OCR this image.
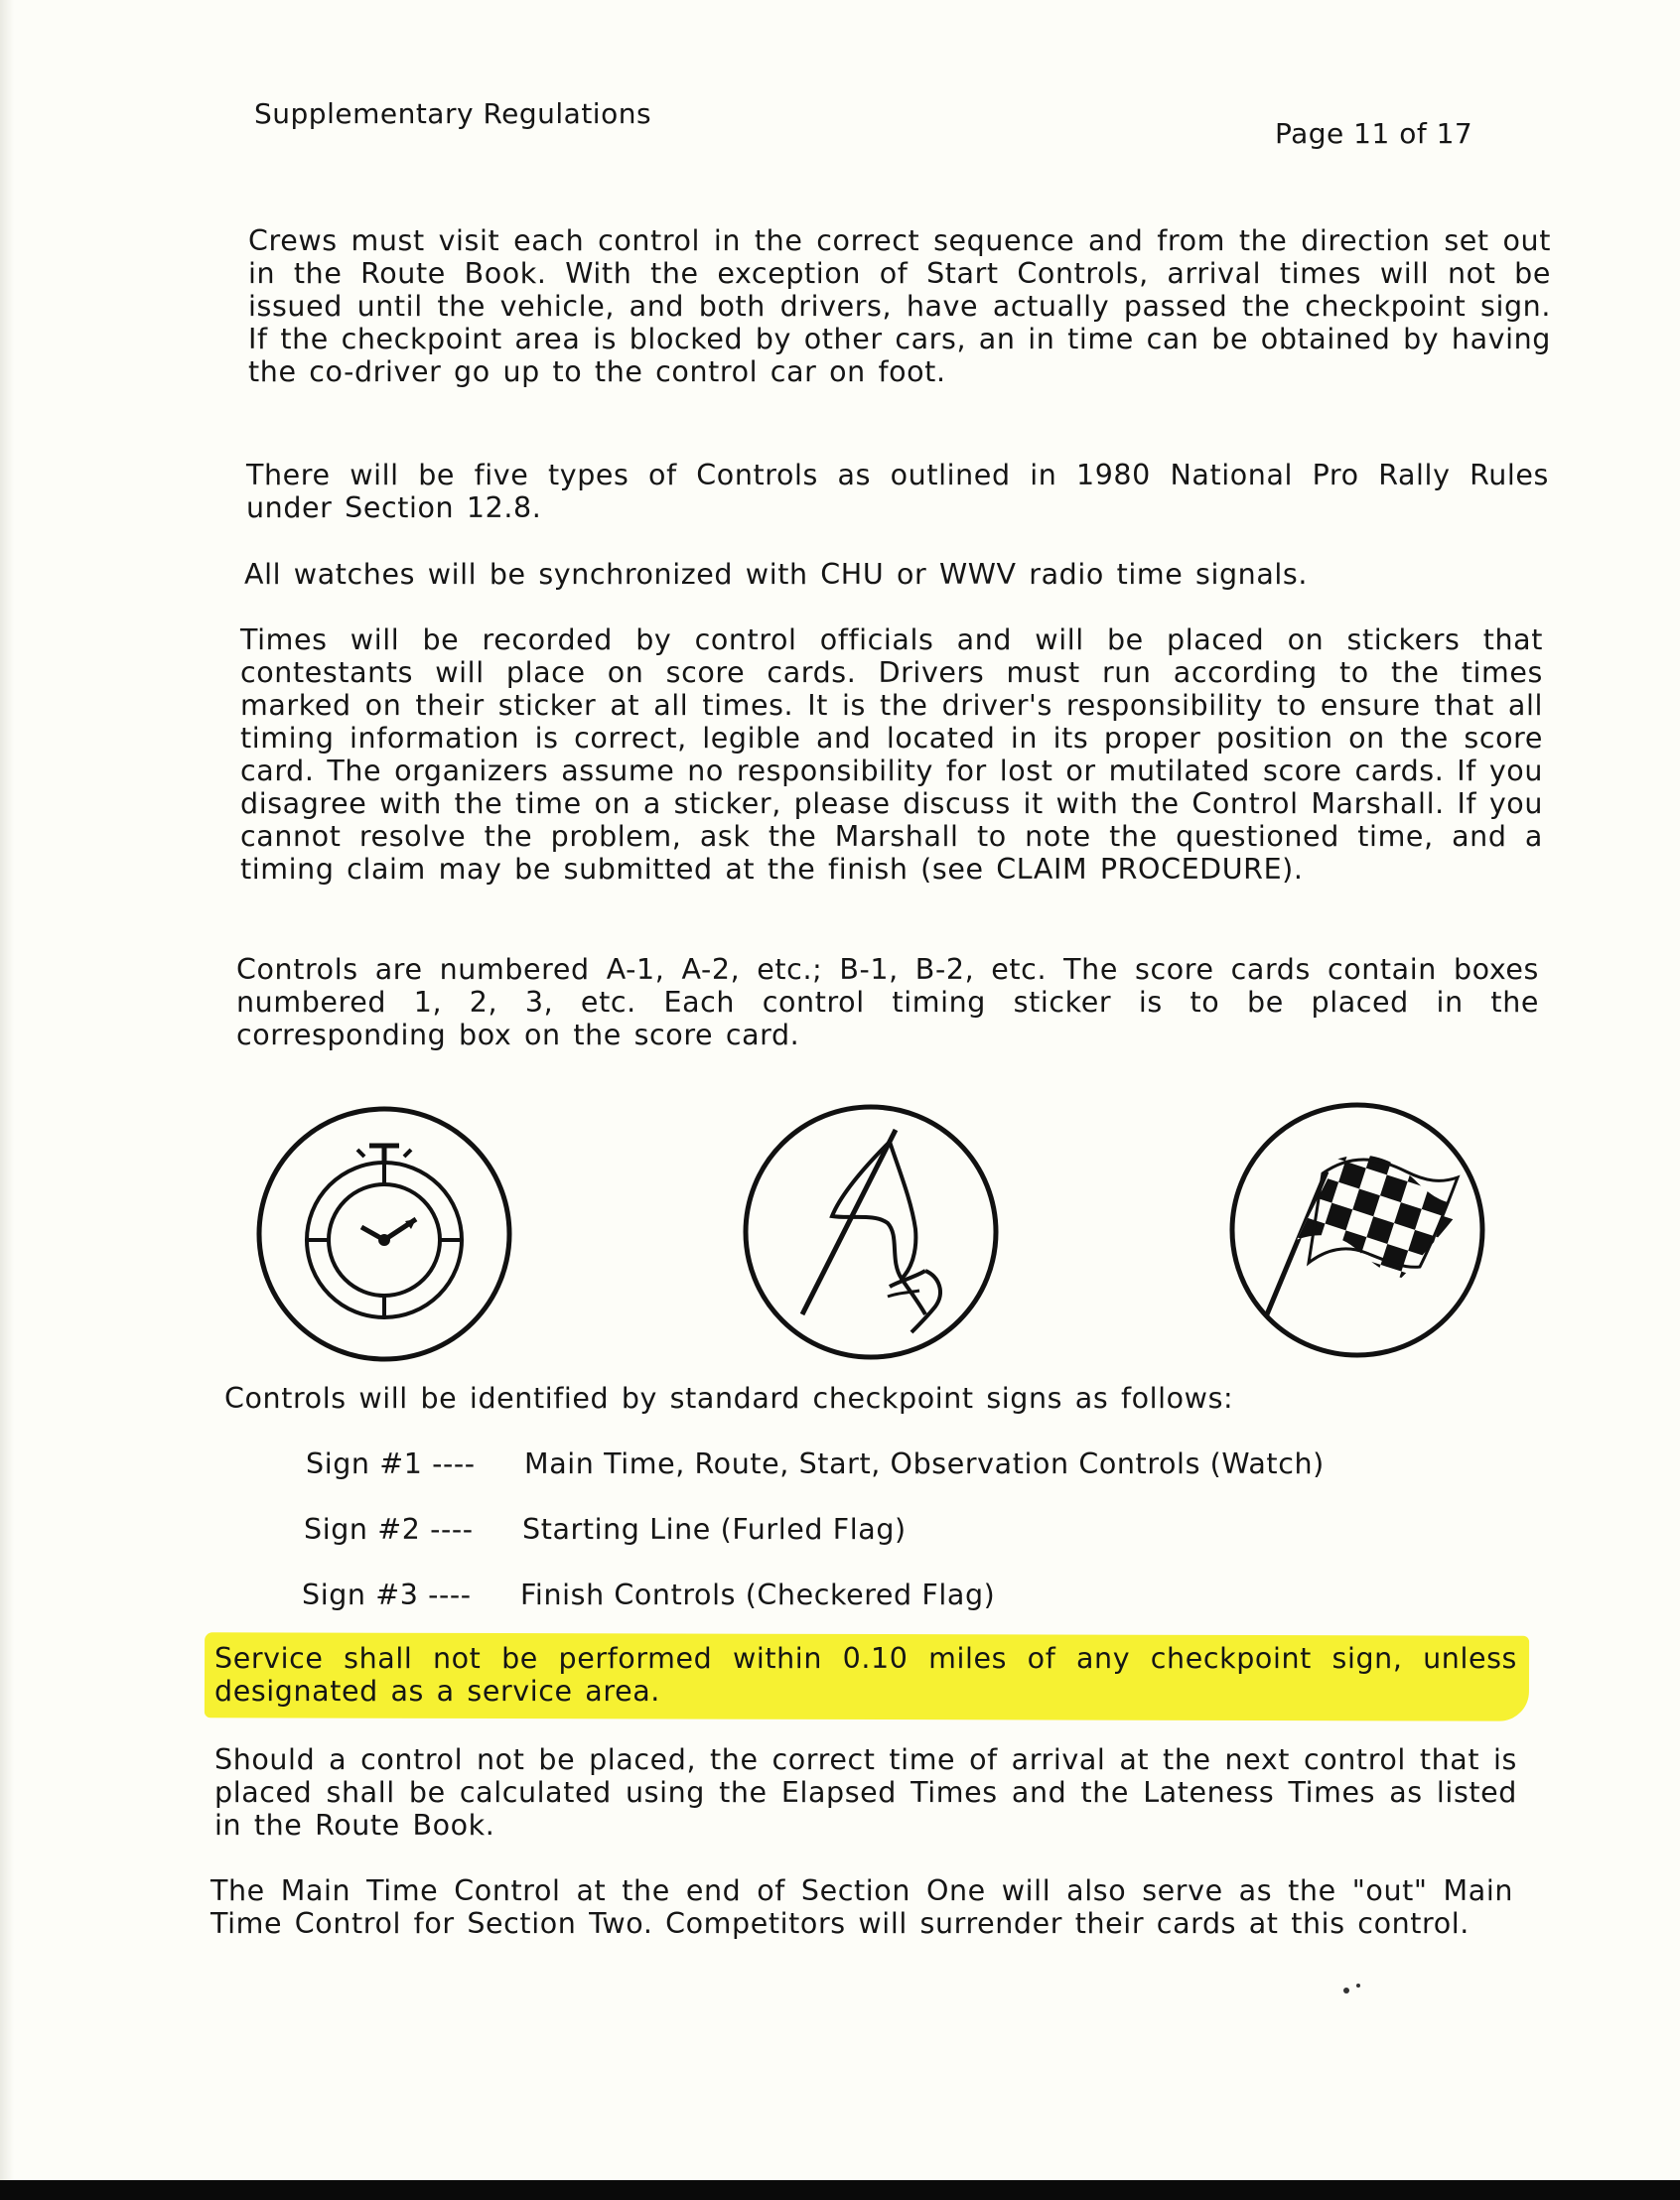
Supplementary Regulations
Page 11 of 17

Crews must visit each control in the correct sequence and from the direction set out in the Route Book. With the exception of Start Controls, arrival times will not be issued until the vehicle, and both drivers, have actually passed the checkpoint sign. If the checkpoint area is blocked by other cars, an in time can be obtained by having the co-driver go up to the control car on foot.

There will be five types of Controls as outlined in 1980 National Pro Rally Rules under Section 12.8.

All watches will be synchronized with CHU or WWV radio time signals.

Times will be recorded by control officials and will be placed on stickers that contestants will place on score cards. Drivers must run according to the times marked on their sticker at all times. It is the driver's responsibility to ensure that all timing information is correct, legible and located in its proper position on the score card. The organizers assume no responsibility for lost or mutilated score cards. If you disagree with the time on a sticker, please discuss it with the Control Marshall. If you cannot resolve the problem, ask the Marshall to note the questioned time, and a timing claim may be submitted at the finish (see CLAIM PROCEDURE).

Controls are numbered A-1, A-2, etc.; B-1, B-2, etc. The score cards contain boxes numbered 1, 2, 3, etc. Each control timing sticker is to be placed in the corresponding box on the score card.

Controls will be identified by standard checkpoint signs as follows:

Sign #1 ---- Main Time, Route, Start, Observation Controls (Watch)
Sign #2 ---- Starting Line (Furled Flag)
Sign #3 ---- Finish Controls (Checkered Flag)

Service shall not be performed within 0.10 miles of any checkpoint sign, unless designated as a service area.

Should a control not be placed, the correct time of arrival at the next control that is placed shall be calculated using the Elapsed Times and the Lateness Times as listed in the Route Book.

The Main Time Control at the end of Section One will also serve as the "out" Main Time Control for Section Two. Competitors will surrender their cards at this control.
